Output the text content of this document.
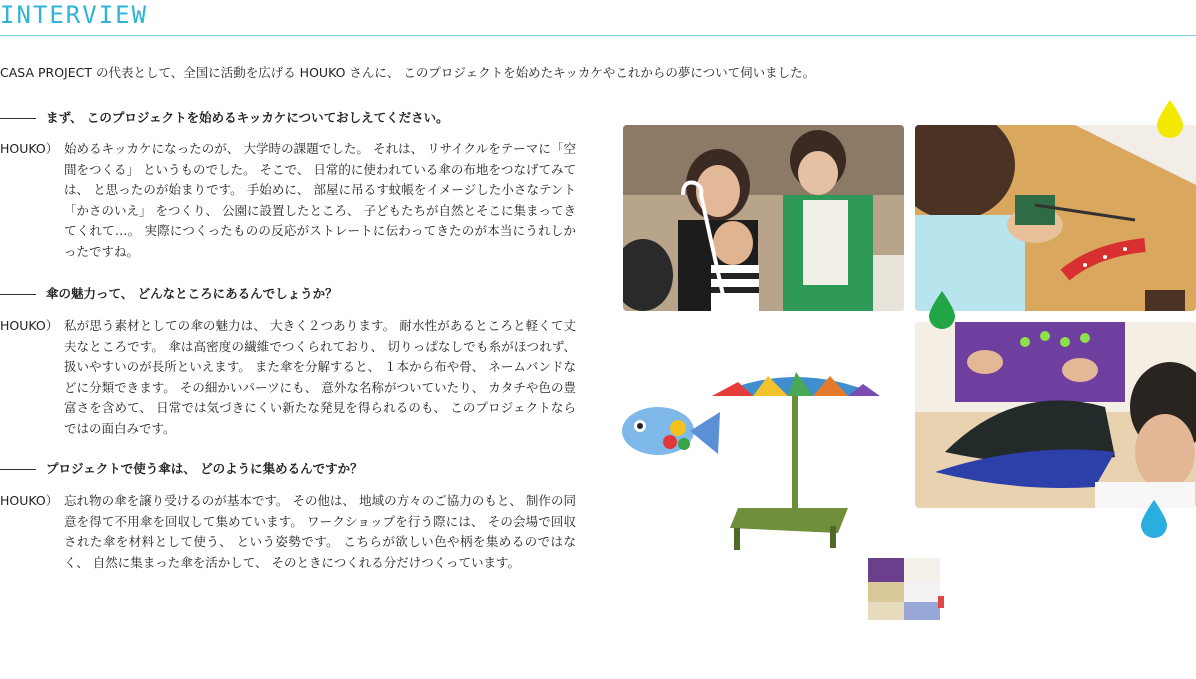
INTERVIEW
CASA PROJECT の代表として、全国に活動を広げる HOUKO さんに、 このプロジェクトを始めたキッカケやこれからの夢について伺いました。
まず、 このプロジェクトを始めるキッカケについておしえてください。
HOUKO） 始めるキッカケになったのが、 大学時の課題でした。 それは、 リサイクルをテーマに「空間をつくる」 というものでした。 そこで、 日常的に使われている傘の布地をつなげてみては、 と思ったのが始まりです。 手始めに、 部屋に吊るす蚊帳をイメージした小さなテント 「かさのいえ」 をつくり、 公園に設置したところ、 子どもたちが自然とそこに集まってきてくれて…。 実際につくったものの反応がストレートに伝わってきたのが本当にうれしかったですね。
傘の魅力って、 どんなところにあるんでしょうか？
HOUKO） 私が思う素材としての傘の魅力は、 大きく２つあります。 耐水性があるところと軽くて丈夫なところです。 傘は高密度の繊維でつくられており、 切りっぱなしでも糸がほつれず、 扱いやすいのが長所といえます。 また傘を分解すると、 １本から布や骨、 ネームバンドなどに分類できます。 その細かいパーツにも、 意外な名称がついていたり、 カタチや色の豊富さを含めて、 日常では気づきにくい新たな発見を得られるのも、 このプロジェクトならではの面白みです。
プロジェクトで使う傘は、 どのように集めるんですか？
HOUKO） 忘れ物の傘を譲り受けるのが基本です。 その他は、 地域の方々のご協力のもと、 制作の同意を得て不用傘を回収して集めています。 ワークショップを行う際には、 その会場で回収された傘を材料として使う、 という姿勢です。 こちらが欲しい色や柄を集めるのではなく、 自然に集まった傘を活かして、 そのときにつくれる分だけつくっています。
